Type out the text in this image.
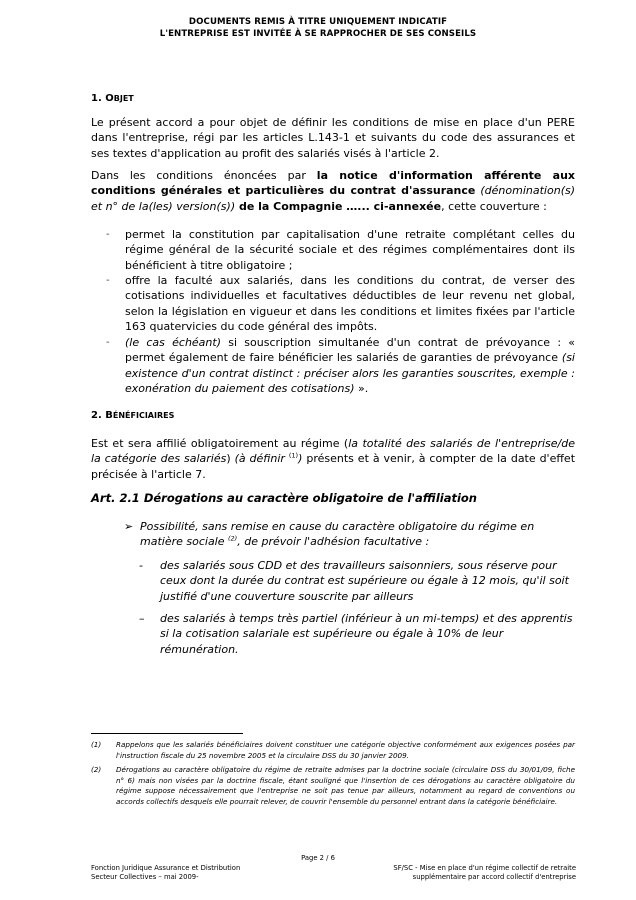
DOCUMENTS REMIS À TITRE UNIQUEMENT INDICATIF
L'ENTREPRISE EST INVITÉE À SE RAPPROCHER DE SES CONSEILS
1. OBJET

Le présent accord a pour objet de définir les conditions de mise en place d'un PERE dans l'entreprise, régi par les articles L.143-1 et suivants du code des assurances et ses textes d'application au profit des salariés visés à l'article 2.

Dans les conditions énoncées par la notice d'information afférente aux conditions générales et particulières du contrat d'assurance (dénomination(s) et n° de la(les) version(s)) de la Compagnie …... ci-annexée, cette couverture :

- permet la constitution par capitalisation d'une retraite complétant celles du régime général de la sécurité sociale et des régimes complémentaires dont ils bénéficient à titre obligatoire ;
- offre la faculté aux salariés, dans les conditions du contrat, de verser des cotisations individuelles et facultatives déductibles de leur revenu net global, selon la législation en vigueur et dans les conditions et limites fixées par l'article 163 quatervicies du code général des impôts.
- (le cas échéant) si souscription simultanée d'un contrat de prévoyance : « permet également de faire bénéficier les salariés de garanties de prévoyance (si existence d'un contrat distinct : préciser alors les garanties souscrites, exemple : exonération du paiement des cotisations) ».
2. BÉNÉFICIAIRES

Est et sera affilié obligatoirement au régime (la totalité des salariés de l'entreprise/de la catégorie des salariés) (à définir $^{(1)}$) présents et à venir, à compter de la date d'effet précisée à l'article 7.

Art. 2.1 Dérogations au caractère obligatoire de l'affiliation
➢ Possibilité, sans remise en cause du caractère obligatoire du régime en matière sociale $^{(2)}$, de prévoir l'adhésion facultative :
- des salariés sous CDD et des travailleurs saisonniers, sous réserve pour ceux dont la durée du contrat est supérieure ou égale à 12 mois, qu'il soit justifié d'une couverture souscrite par ailleurs
– des salariés à temps très partiel (inférieur à un mi-temps) et des apprentis si la cotisation salariale est supérieure ou égale à 10% de leur rémunération.
(1) Rappelons que les salariés bénéficiaires doivent constituer une catégorie objective conformément aux exigences posées par l'instruction fiscale du 25 novembre 2005 et la circulaire DSS du 30 janvier 2009.
(2) Dérogations au caractère obligatoire du régime de retraite admises par la doctrine sociale (circulaire DSS du 30/01/09, fiche n° 6) mais non visées par la doctrine fiscale, étant souligné que l'insertion de ces dérogations au caractère obligatoire du régime suppose nécessairement que l'entreprise ne soit pas tenue par ailleurs, notamment au regard de conventions ou accords collectifs desquels elle pourrait relever, de couvrir l'ensemble du personnel entrant dans la catégorie bénéficiaire.
Page 2 / 6
Fonction Juridique Assurance et Distribution
Secteur Collectives – mai 2009-
SF/SC - Mise en place d'un régime collectif de retraite
supplémentaire par accord collectif d'entreprise
